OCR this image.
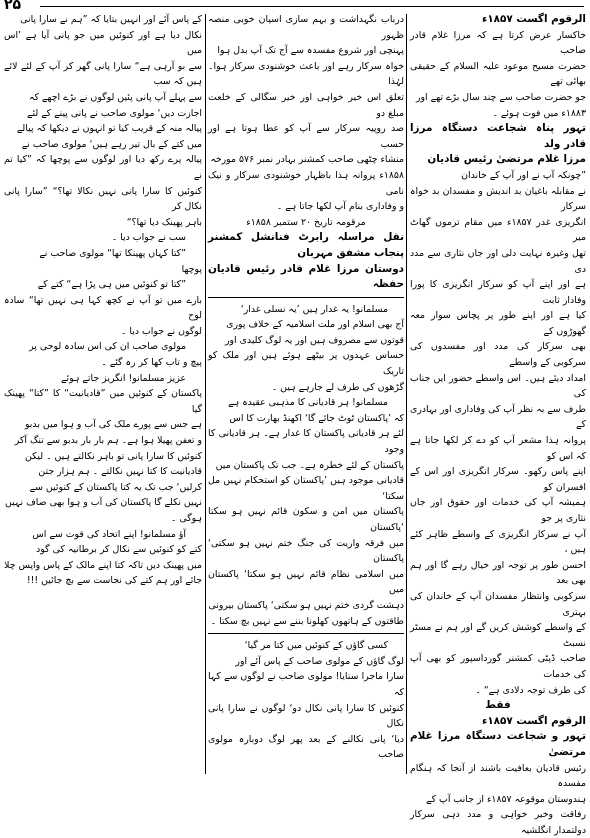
۲۵

الرقوم اگست ۱۸۵۷ء

خاکسار عرض کرتا ہے کہ مرزا غلام قادر صاحب

حضرت مسیح موعود علیہ السلام کے حقیقی بھائی تھے

جو حضرت صاحب سے چند سال بڑے تھے اور

۱۸۸۳ء میں فوت ہوئے ۔

تہور پناہ شجاعت دستگاہ مرزا قادر ولد

مرزا غلام مرتضیٰ رئیس قادیان

”چونکہ آپ نے اور آپ کے خاندان

نے مقابلہ باغیان بد اندیش و مفسدان بد خواہ سرکار

انگریزی غدر ۱۸۵۷ء میں مقام ترموں گھاٹ میر

تھل وغیرہ نہایت دلی اور جاں نثاری سے مدد دی

ہے اور اپنے آپ کو سرکار انگریزی کا پورا وفادار ثابت

کیا ہے اور اپنے طور پر پچاس سوار معہ گھوڑوں کے

بھی سرکار کی مدد اور مفسدوں کی سرکوبی کے واسطے

امداد دیئے ہیں۔ اس واسطے حضور ایں جناب کی

طرف سے بہ نظر آپ کی وفاداری اور بہادری کے

پروانہ ہذا مشعر آپ کو دے کر لکھا جاتا ہے کہ اس کو

اپنے پاس رکھو۔ سرکار انگریزی اور اس کے افسران کو

ہمیشہ آپ کی خدمات اور حقوق اور جاں نثاری پر جو

آپ نے سرکار انگریزی کے واسطے ظاہر کئے ہیں ،

احسن طور پر توجہ اور خیال رہے گا اور ہم بھی بعد

سرکوبی وانتظار مفسدان آپ کے خاندان کی بہتری

کے واسطے کوشش کریں گے اور ہم نے مسٹر نسبٹ

صاحب ڈپٹی کمشنر گورداسپور کو بھی آپ کی خدمات

کی طرف توجہ دلادی ہے“ ۔

فقط

الرقوم اگست ۱۸۵۷ء

تہور و شجاعت دستگاہ مرزا غلام مرتضیٰ

رئیس قادیان بعافیت باشند از آنجا کہ ہنگام مفسدہ

ہندوستان موقوعہ ۱۸۵۷ء از جانب آپ کے

رفاقت وخیر خواہی و مدد دہی سرکار دولتمدار انگلشیہ

درباب نگہداشت و بہم سازی اسپان خوبی منصہ ظہور

پہنچی اور شروع مفسدہ سے آج تک آپ بدل ہوا

خواہ سرکار رہے اور باعث خوشنودی سرکار ہوا۔ لہٰذا

تعلق اس خیر خواہی اور خیر سگالی کے خلعت مبلغ دو

صد روپیہ سرکار سے آپ کو عطا ہوتا ہے اور حسب

منشاء چٹھی صاحب کمشنر بہادر نمبر ۵۷۶ مورخہ

۱۸۵۸ء پروانہ ہذا باظہار خوشنودی سرکار و نیک نامی

و وفاداری بنام آپ لکھا جاتا ہے ۔

مرقومہ تاریخ ۲۰ ستمبر ۱۸۵۸ء

نقل مراسلہ رابرٹ فنانشل کمشنر پنجاب مشفق مہربان

دوستان مرزا غلام قادر رئیس قادیان حفظہ

مسلمانو! یہ غدار ہیں ’یہ نسلی غدار‘

آج بھی اسلام اور ملت اسلامیہ کے خلاف پوری

قوتوں سے مصروف ہیں اور یہ لوگ کلیدی اور

حساس عہدوں پر بیٹھے ہوئے ہیں اور ملک کو تاریک

گڑھوں کی طرف لے جارہے ہیں ۔

مسلمانو! ہر قادیانی کا مذہبی عقیدہ ہے

کہ ’پاکستان ٹوٹ جائے گا‘ اکھنڈ بھارت کا اس

لئے ہر قادیانی پاکستان کا غدار ہے۔ ہر قادیانی کا وجود

پاکستان کے لئے خطرہ ہے۔ جب تک پاکستان میں

قادیانی موجود ہیں ’پاکستان کو استحکام نہیں مل سکتا‘

پاکستان میں امن و سکون قائم نہیں ہو سکتا ‘پاکستان

میں فرقہ واریت کی جنگ ختم نہیں ہو سکتی‘ پاکستان

میں اسلامی نظام قائم نہیں ہو سکتا‘ پاکستان میں

دہشت گردی ختم نہیں ہو سکتی‘ پاکستان بیرونی

طاقتوں کے ہاتھوں کھلونا بننے سے نہیں بچ سکتا ۔

کسی گاؤں کے کنوئیں میں کتا مر گیا‘

لوگ گاؤں کے مولوی صاحب کے پاس آئے اور

سارا ماجرا سنایا! مولوی صاحب نے لوگوں سے کہا کہ

کنوئیں کا سارا پانی نکال دو‘ لوگوں نے سارا پانی نکال

دیا‘ پانی نکالنے کے بعد پھر لوگ دوبارہ مولوی صاحب

کے پاس آئے اور انہیں بتایا کہ ”ہم نے سارا پانی

نکال دیا ہے اور کنوئیں میں جو پانی آیا ہے ’اس میں

سے بو آرہی ہے“ سارا پانی گھر کر آپ کے لئے لائے ہیں کہ سب

سے پہلے آپ پانی پئیں لوگوں نے بڑے اچھے کہ

اجازت دیں‘ مولوی صاحب نے پانی پینے کے لئے

پیالہ منہ کے قریب کیا تو انہوں نے دیکھا کہ پیالے

میں کتے کے بال تیر رہے ہیں‘ مولوی صاحب نے

پیالہ پرے رکھ دیا اور لوگوں سے پوچھا کہ ”کیا تم نے

کنوئیں کا سارا پانی نہیں نکالا تھا؟“ ”سارا پانی نکال کر

باہر پھینک دیا تھا؟“

سب نے جواب دیا ۔

”کتا کہاں پھینکا تھا“ مولوی صاحب نے

پوچھا

”کتا تو کنوئیں میں ہی پڑا ہے“ کتے کے

بارے میں تو آپ نے کچھ کہا ہی نہیں تھا“ سادہ لوح

لوگوں نے جواب دیا ۔

مولوی صاحب ان کی اس سادہ لوحی پر

پیچ و تاب کھا کر رہ گئے ۔

عزیز مسلمانو! انگریز جاتے ہوئے

پاکستان کے کنوئیں میں ”قادیانیت“ کا ”کتا“ پھینک گیا

ہے جس سے پورے ملک کی آب و ہوا میں بدبو

و تعفن پھیلا ہوا ہے۔ ہم بار بار بدبو سے تنگ آکر

کنوئیں کا سارا پانی تو باہر نکالتے ہیں ۔ لیکن

قادیانیت کا کتا نہیں نکالتے ۔ ہم ہزار جتن

کرلیں‘ جب تک یہ کتا پاکستان کے کنوئیں سے

نہیں نکلے گا پاکستان کی آب و ہوا بھی صاف نہیں

ہوگی ۔

آؤ مسلمانو! اپنے اتحاد کی قوت سے اس

کتے کو کنوئیں سے نکال کر برطانیہ کی گود

میں پھینک دیں تاکہ کتا اپنے مالک کے پاس واپس چلا

جائے اور ہم کتے کی نجاست سے بچ جائیں !!!
